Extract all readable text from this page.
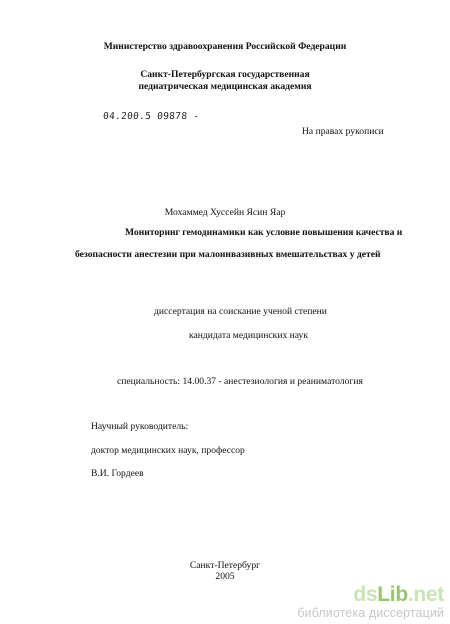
Министерство здравоохранения Российской Федерации
Санкт-Петербургская государственная
педиатрическая медицинская академия
04.200.5 09878 -
На правах рукописи
Мохаммед Хуссейн Ясин Яар
Мониторинг гемодинамики как условие повышения качества и
безопасности анестезии при малоинвазивных вмешательствах у детей
диссертация на соискание ученой степени
кандидата медицинских наук
специальность: 14.00.37 - анестезиология и реаниматология
Научный руководитель:
доктор медицинских наук, профессор
В.И. Гордеев
Санкт-Петербург
2005
dsLib.net
библиотека диссертаций
